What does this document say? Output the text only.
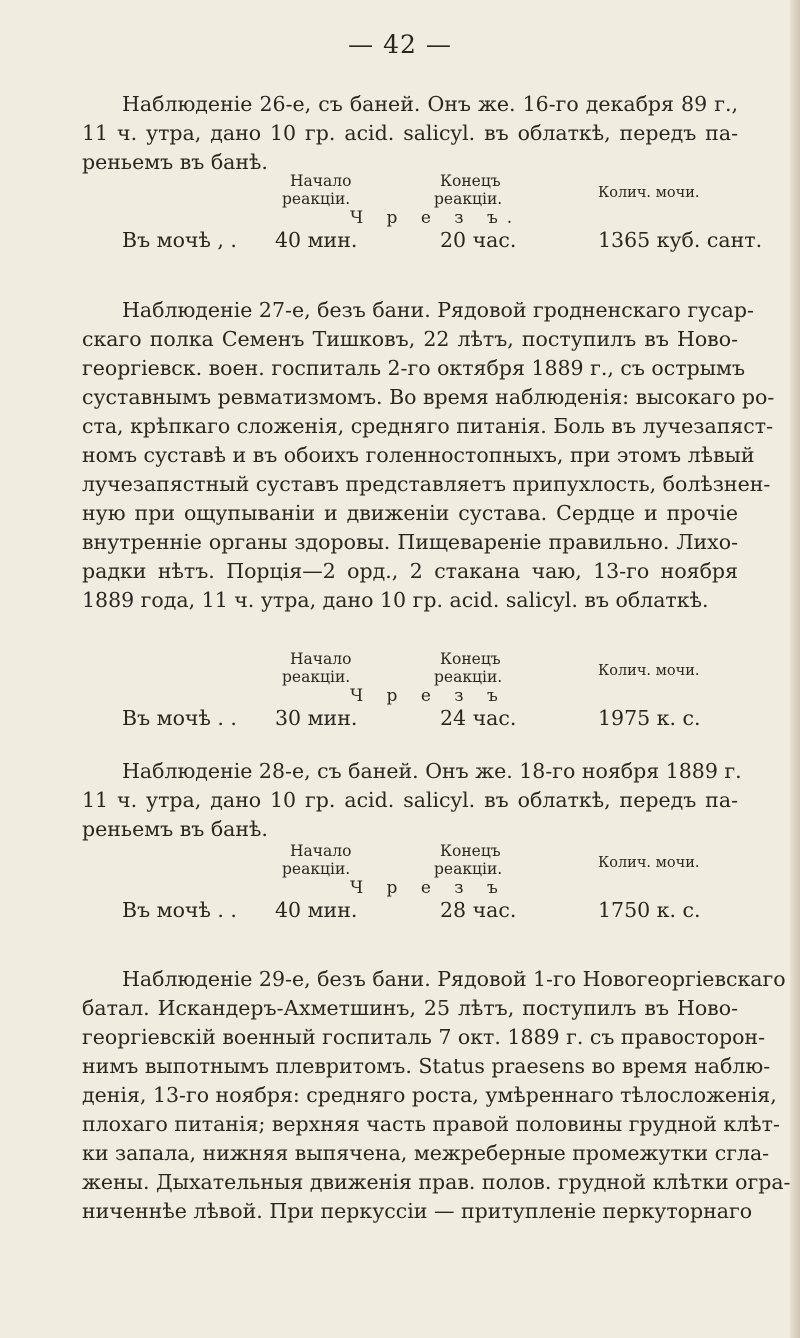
— 42 —

Наблюденіе 26-е, съ баней. Онъ же. 16-го декабря 89 г.,
11 ч. утра, дано 10 гр. acid. salicyl. въ облаткѣ, передъ па-
реньемъ въ банѣ.

Начало
реакціи.
Конецъ
реакціи.	Колич. мочи.
Ч р е з ъ.
Въ мочѣ , . 40 мин.	20 час.	1365 куб. сант.

Наблюденіе 27-е, безъ бани. Рядовой гродненскаго гусар-
скаго полка Семенъ Тишковъ, 22 лѣтъ, поступилъ въ Ново-
георгіевск. воен. госпиталь 2-го октября 1889 г., съ острымъ
суставнымъ ревматизмомъ. Во время наблюденія: высокаго ро-
ста, крѣпкаго сложенія, средняго питанія. Боль въ лучезапяст-
номъ суставѣ и въ обоихъ голенностопныхъ, при этомъ лѣвый
лучезапястный суставъ представляетъ припухлость, болѣзнен-
ную при ощупываніи и движеніи сустава. Сердце и прочіе
внутренніе органы здоровы. Пищевареніе правильно. Лихо-
радки нѣтъ. Порція—2 орд., 2 стакана чаю, 13-го ноября
1889 года, 11 ч. утра, дано 10 гр. acid. salicyl. въ облаткѣ.

Начало
реакціи.
Конецъ
реакціи.	Колич. мочи.
Ч р е з ъ
Въ мочѣ . . 30 мин.	24 час.	1975 к. с.

Наблюденіе 28-е, съ баней. Онъ же. 18-го ноября 1889 г.
11 ч. утра, дано 10 гр. acid. salicyl. въ облаткѣ, передъ па-
реньемъ въ банѣ.

Начало
реакціи.
Конецъ
реакціи.	Колич. мочи.
Ч р е з ъ
Въ мочѣ . . 40 мин.	28 час.	1750 к. с.

Наблюденіе 29-е, безъ бани. Рядовой 1-го Новогеоргіевскаго
батал. Искандеръ-Ахметшинъ, 25 лѣтъ, поступилъ въ Ново-
георгіевскій военный госпиталь 7 окт. 1889 г. съ правосторон-
нимъ выпотнымъ плевритомъ. Status praesens во время наблю-
денія, 13-го ноября: средняго роста, умѣреннаго тѣлосложенія,
плохаго питанія; верхняя часть правой половины грудной клѣт-
ки запала, нижняя выпячена, межреберные промежутки сгла-
жены. Дыхательныя движенія прав. полов. грудной клѣтки огра-
ниченнѣе лѣвой. При перкуссіи — притупленіе перкуторнаго
